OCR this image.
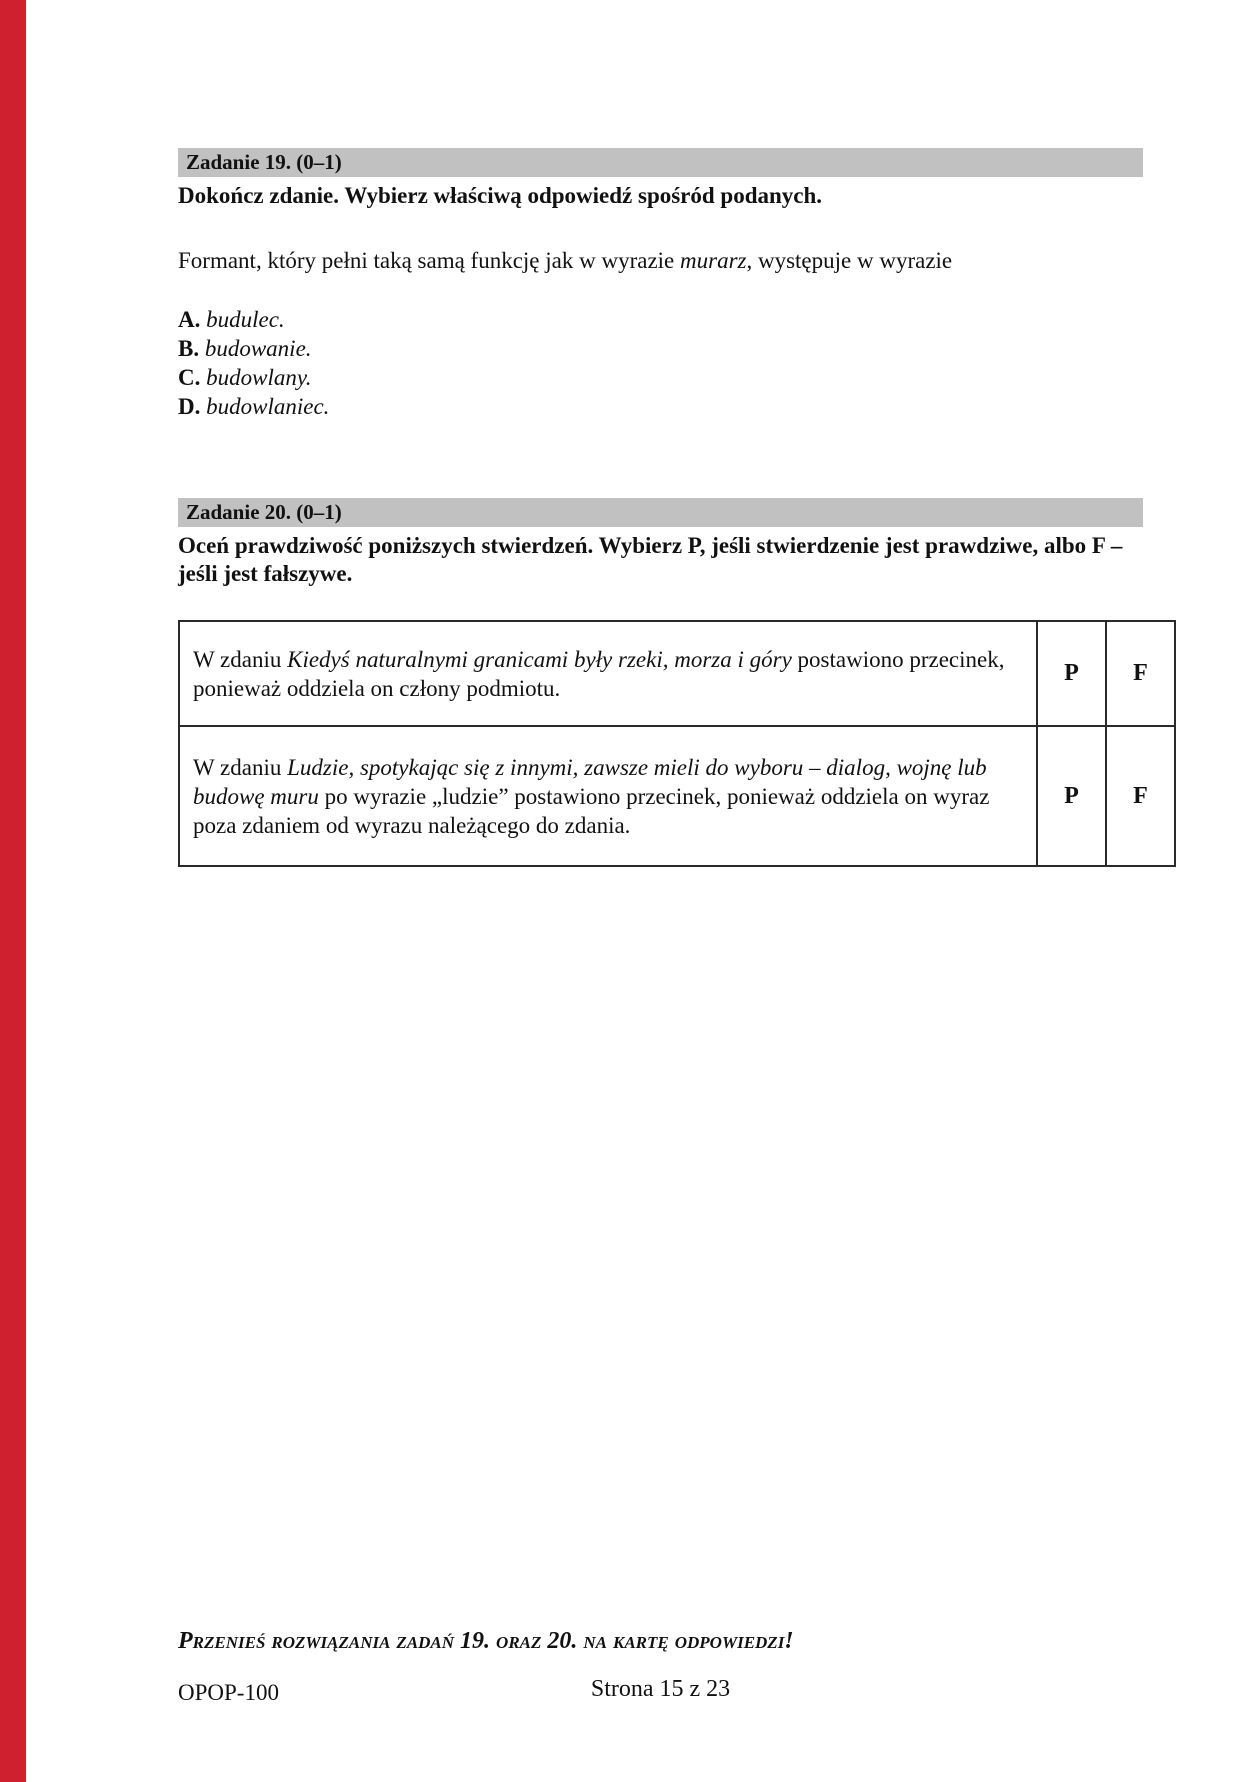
Zadanie 19. (0–1)
Dokończ zdanie. Wybierz właściwą odpowiedź spośród podanych.
Formant, który pełni taką samą funkcję jak w wyrazie murarz, występuje w wyrazie
A. budulec.
B. budowanie.
C. budowlany.
D. budowlaniec.
Zadanie 20. (0–1)
Oceń prawdziwość poniższych stwierdzeń. Wybierz P, jeśli stwierdzenie jest prawdziwe, albo F – jeśli jest fałszywe.
W zdaniu Kiedyś naturalnymi granicami były rzeki, morza i góry postawiono przecinek, ponieważ oddziela on człony podmiotu.	P	F
W zdaniu Ludzie, spotykając się z innymi, zawsze mieli do wyboru – dialog, wojnę lub budowę muru po wyrazie „ludzie” postawiono przecinek, ponieważ oddziela on wyraz poza zdaniem od wyrazu należącego do zdania.	P	F
Przenieś rozwiązania zadań 19. oraz 20. na kartę odpowiedzi!
OPOP-100	Strona 15 z 23
